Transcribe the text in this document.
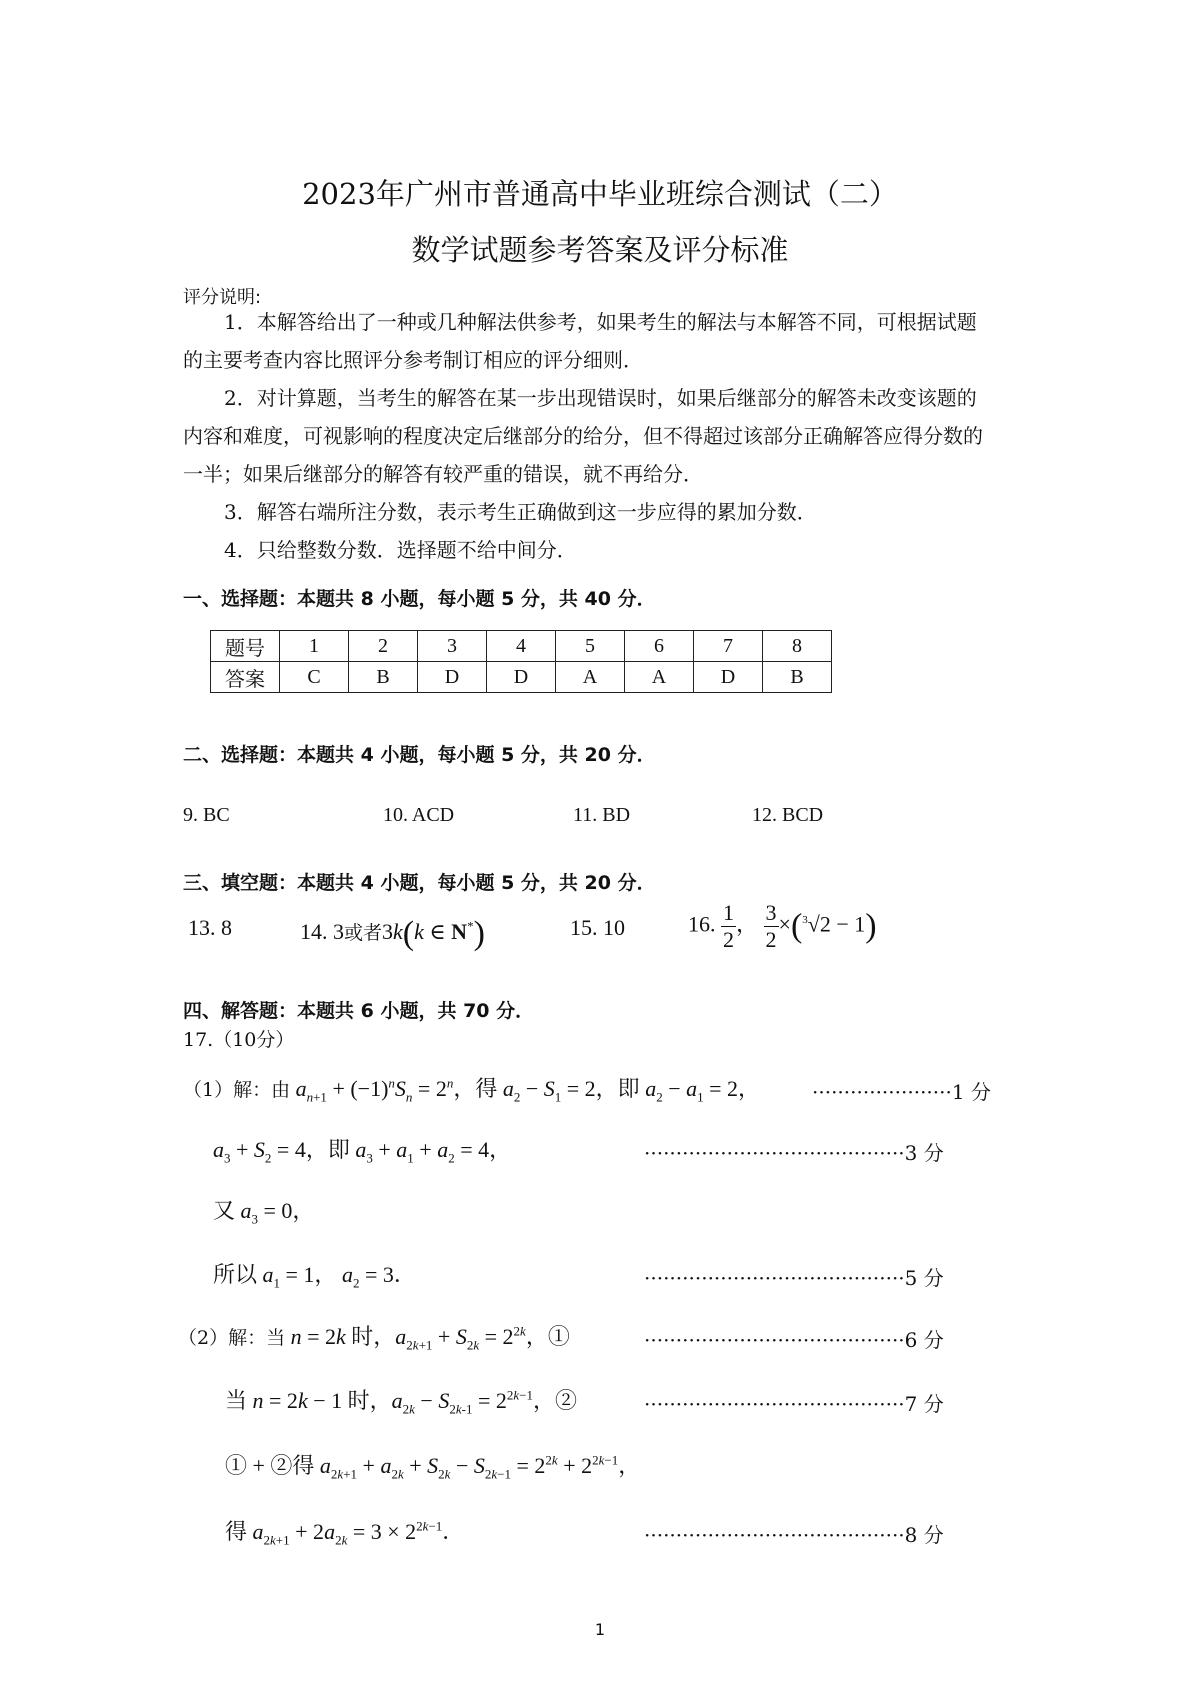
2023年广州市普通高中毕业班综合测试（二）
数学试题参考答案及评分标准
评分说明:
1．本解答给出了一种或几种解法供参考，如果考生的解法与本解答不同，可根据试题
的主要考查内容比照评分参考制订相应的评分细则．
2．对计算题，当考生的解答在某一步出现错误时，如果后继部分的解答未改变该题的
内容和难度，可视影响的程度决定后继部分的给分，但不得超过该部分正确解答应得分数的
一半；如果后继部分的解答有较严重的错误，就不再给分．
3．解答右端所注分数，表示考生正确做到这一步应得的累加分数．
4．只给整数分数．选择题不给中间分．
一、选择题：本题共 8 小题，每小题 5 分，共 40 分．
题号	1	2	3	4	5	6	7	8
答案	C	B	D	D	A	A	D	B
二、选择题：本题共 4 小题，每小题 5 分，共 20 分．
9. BC	10. ACD	11. BD	12. BCD
三、填空题：本题共 4 小题，每小题 5 分，共 20 分．
13. 8	14. 3或者3k(k ∈ N*)	15. 10	16. $\frac{1}{2}$ ， $\frac{3}{2} \times(^3√2 - 1)$
四、解答题：本题共 6 小题，共 70 分．
17.（10分）
（1）解：由 $a_{n+1} + (-1)^nS_n = 2^n$，得 $a_2 - S_1 = 2$，即 $a_2 - a_1 = 2$，	······················1 分
$a_3 + S_2 = 4$，即 $a_3 + a_1 + a_2 = 4$，	·········································3 分
又 $a_3 = 0$，
所以 $a_1 = 1$， $a_2 = 3$．	·········································5 分
（2）解：当 n = 2k 时，$a_{2k+1} + S_{2k} = 2^{2k}$，①	·········································6 分
当 n = 2k − 1 时，$a_{2k} - S_{2k-1} = 2^{2k-1}$，②	·········································7 分
① + ②得 $a_{2k+1} + a_{2k} + S_{2k} - S_{2k-1} = 2^{2k} + 2^{2k-1}$，
得 $a_{2k+1} + 2a_{2k} = 3 \times 2^{2k-1}$．	·········································8 分
1
